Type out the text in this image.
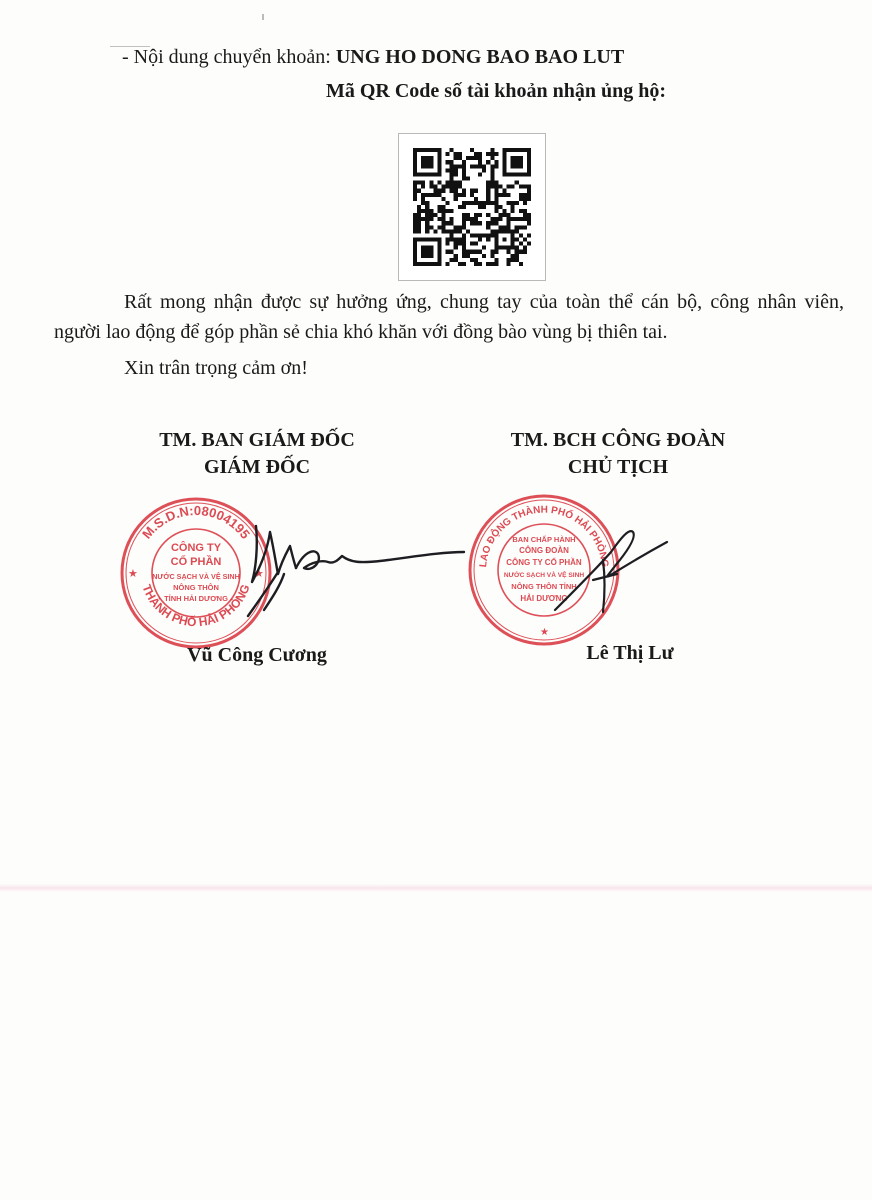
- Nội dung chuyển khoản: UNG HO DONG BAO BAO LUT
Mã QR Code số tài khoản nhận ủng hộ:
Rất mong nhận được sự hưởng ứng, chung tay của toàn thể cán bộ, công nhân viên, người lao động để góp phần sẻ chia khó khăn với đồng bào vùng bị thiên tai.
Xin trân trọng cảm ơn!
TM. BAN GIÁM ĐỐC
GIÁM ĐỐC
TM. BCH CÔNG ĐOÀN
CHỦ TỊCH
M.S.D.N:08004195
THÀNH PHỐ HẢI PHÒNG
CÔNG TY
CỔ PHẦN
NƯỚC SẠCH VÀ VỆ SINH
NÔNG THÔN
TỈNH HẢI DƯƠNG
★	★
LAO ĐỘNG THÀNH PHỐ HẢI PHÒNG
BAN CHẤP HÀNH
CÔNG ĐOÀN
CÔNG TY CỔ PHẦN
NƯỚC SẠCH VÀ VỆ SINH
NÔNG THÔN TỈNH
HẢI DƯƠNG
★
Vũ Công Cương	Lê Thị Lư
